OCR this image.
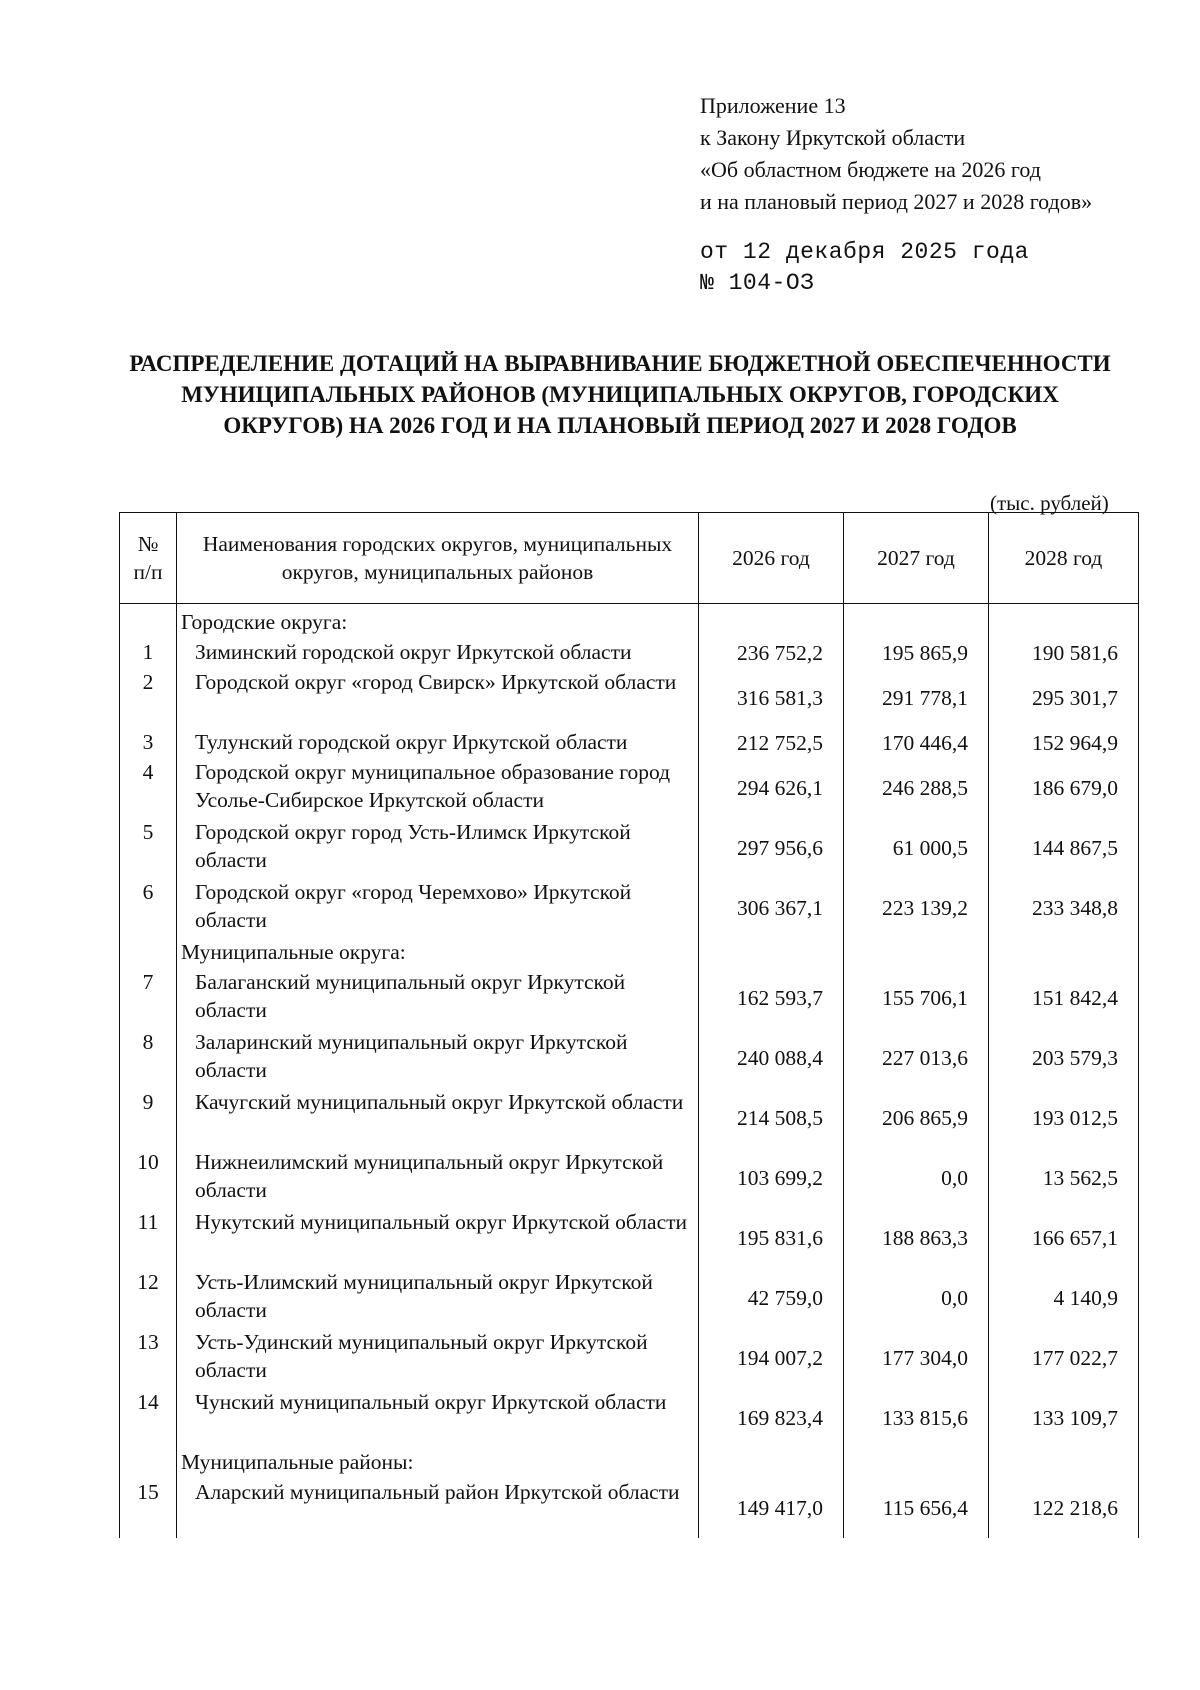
Приложение 13
к Закону Иркутской области
«Об областном бюджете на 2026 год
и на плановый период 2027 и 2028 годов»
от 12 декабря 2025 года
№ 104-ОЗ
РАСПРЕДЕЛЕНИЕ ДОТАЦИЙ НА ВЫРАВНИВАНИЕ БЮДЖЕТНОЙ ОБЕСПЕЧЕННОСТИ
МУНИЦИПАЛЬНЫХ РАЙОНОВ (МУНИЦИПАЛЬНЫХ ОКРУГОВ, ГОРОДСКИХ
ОКРУГОВ) НА 2026 ГОД И НА ПЛАНОВЫЙ ПЕРИОД 2027 И 2028 ГОДОВ
(тыс. рублей)
№
п/п	Наименования городских округов, муниципальных округов, муниципальных районов	2026 год	2027 год	2028 год
	Городские округа:			
1	Зиминский городской округ Иркутской области	236 752,2	195 865,9	190 581,6
2	Городской округ «город Свирск» Иркутской области	316 581,3	291 778,1	295 301,7
3	Тулунский городской округ Иркутской области	212 752,5	170 446,4	152 964,9
4	Городской округ муниципальное образование город Усолье-Сибирское Иркутской области	294 626,1	246 288,5	186 679,0
5	Городской округ город Усть-Илимск Иркутской области	297 956,6	61 000,5	144 867,5
6	Городской округ «город Черемхово» Иркутской области	306 367,1	223 139,2	233 348,8
	Муниципальные округа:			
7	Балаганский муниципальный округ Иркутской области	162 593,7	155 706,1	151 842,4
8	Заларинский муниципальный округ Иркутской области	240 088,4	227 013,6	203 579,3
9	Качугский муниципальный округ Иркутской области	214 508,5	206 865,9	193 012,5
10	Нижнеилимский муниципальный округ Иркутской области	103 699,2	0,0	13 562,5
11	Нукутский муниципальный округ Иркутской области	195 831,6	188 863,3	166 657,1
12	Усть-Илимский муниципальный округ Иркутской области	42 759,0	0,0	4 140,9
13	Усть-Удинский муниципальный округ Иркутской области	194 007,2	177 304,0	177 022,7
14	Чунский муниципальный округ Иркутской области	169 823,4	133 815,6	133 109,7
	Муниципальные районы:			
15	Аларский муниципальный район Иркутской области	149 417,0	115 656,4	122 218,6
